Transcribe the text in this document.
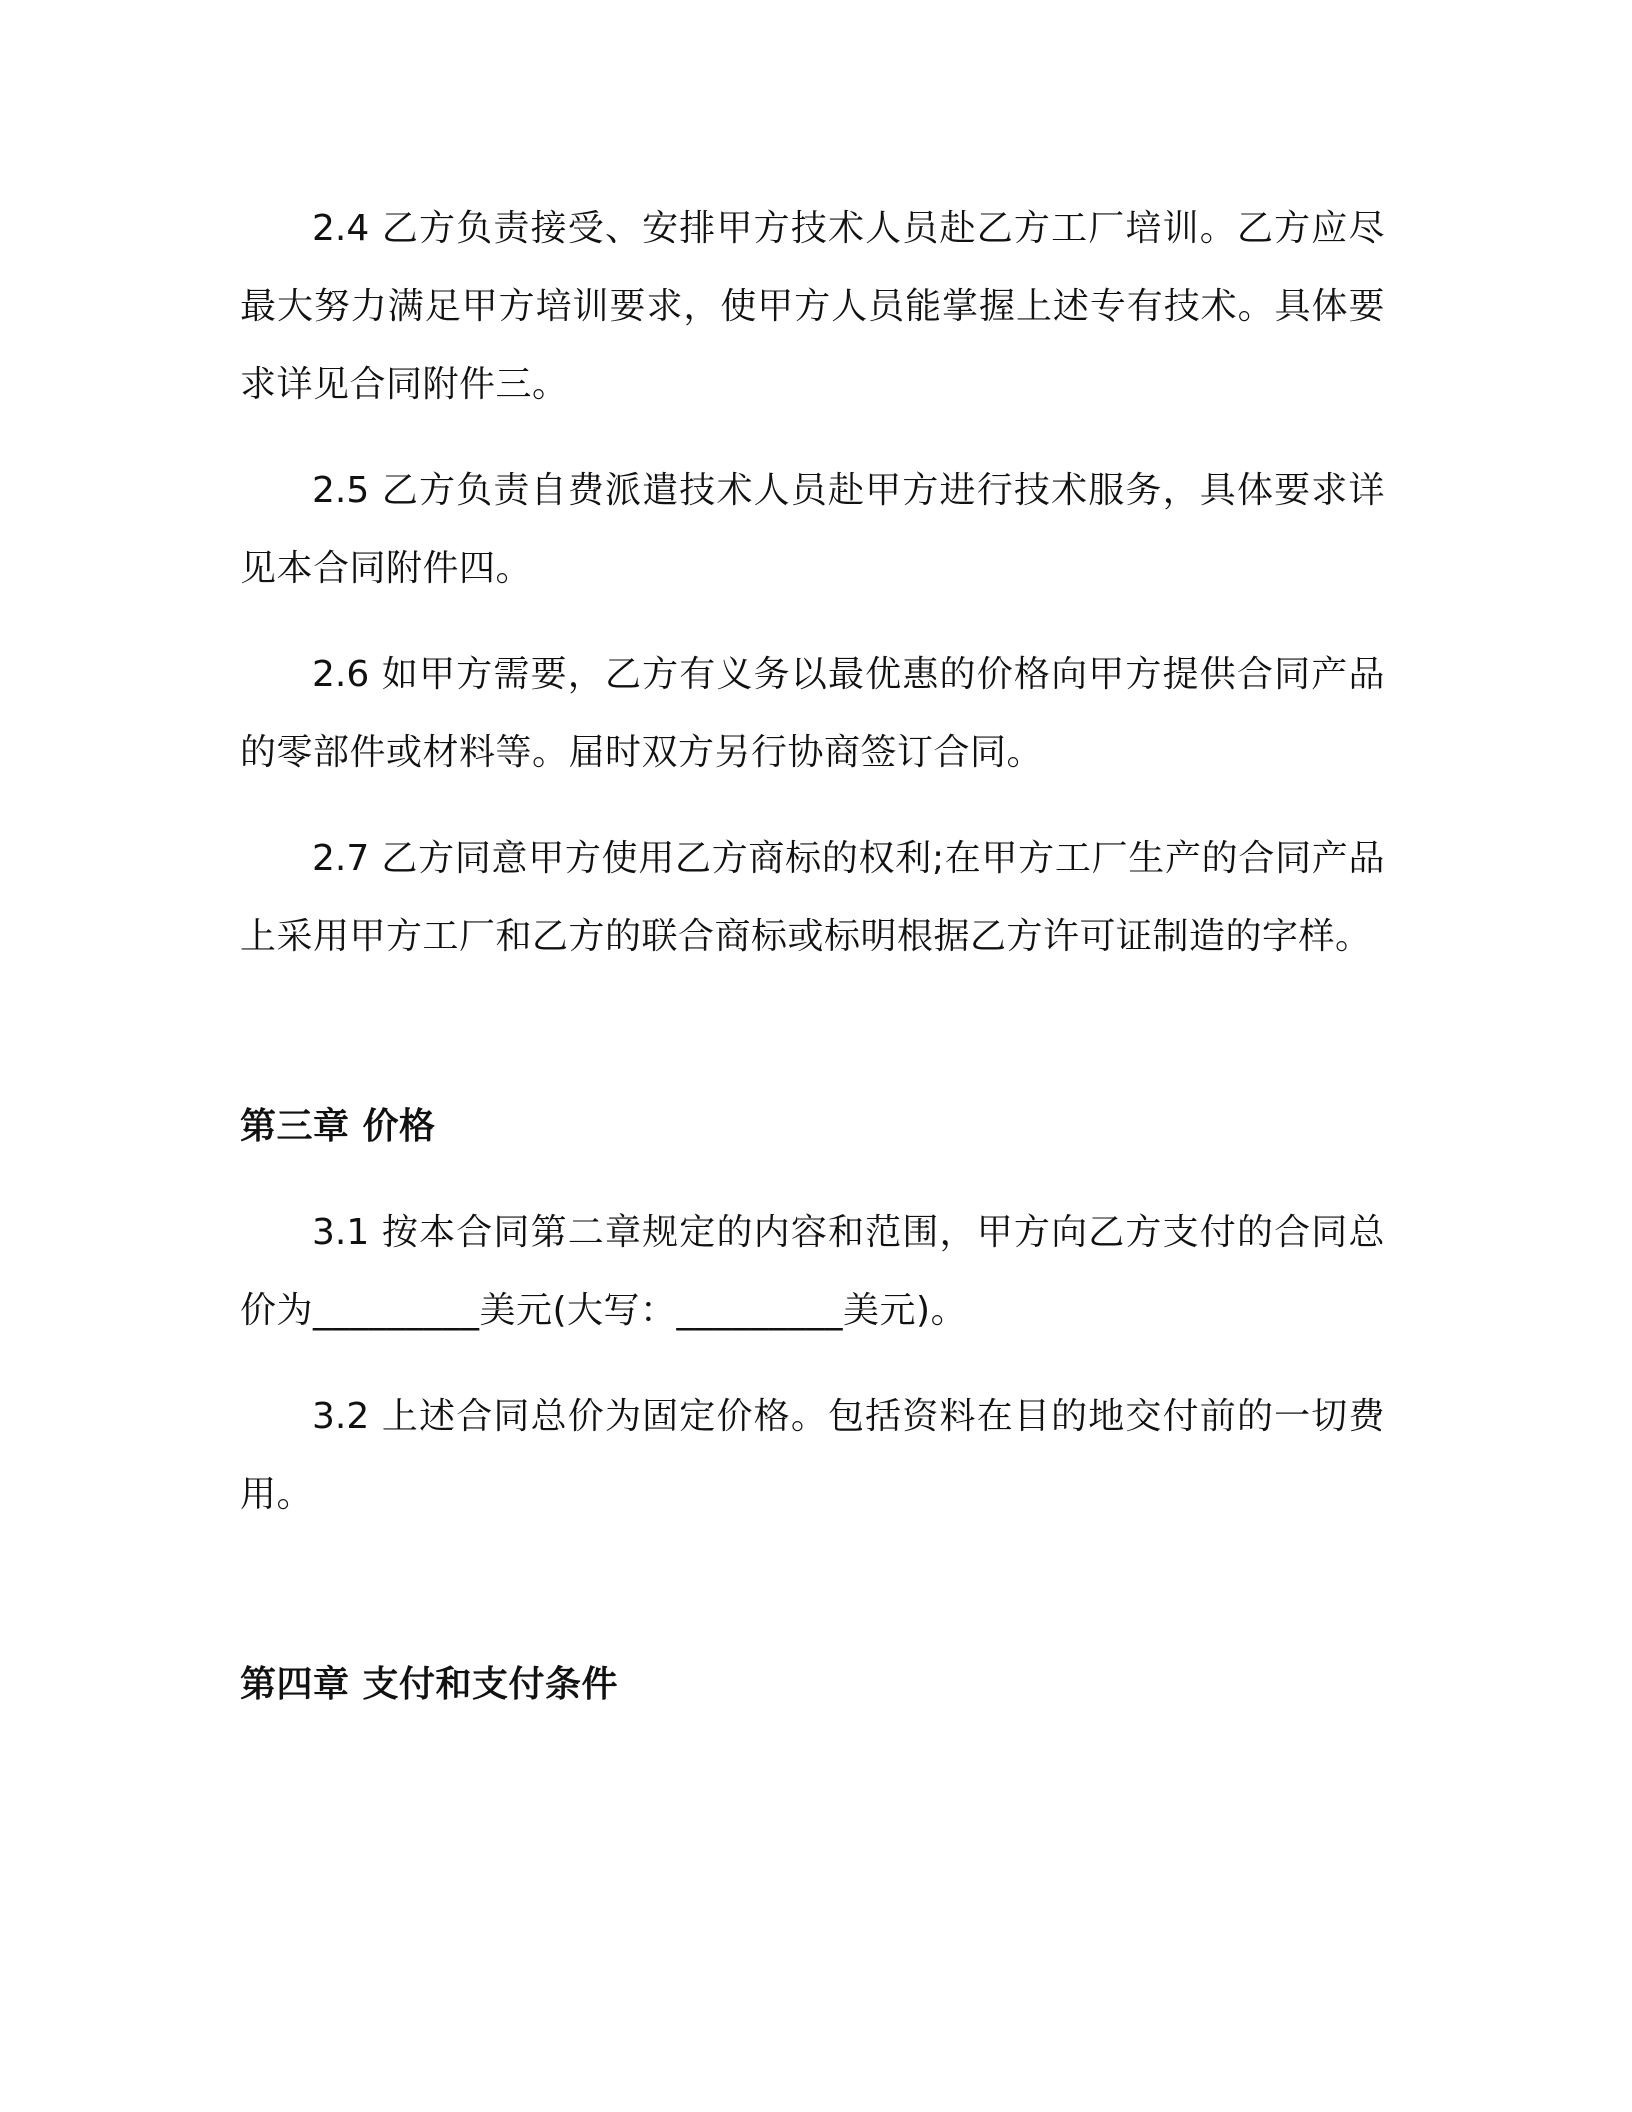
2.4 乙方负责接受、安排甲方技术人员赴乙方工厂培训。乙方应尽最大努力满足甲方培训要求，使甲方人员能掌握上述专有技术。具体要求详见合同附件三。

2.5 乙方负责自费派遣技术人员赴甲方进行技术服务，具体要求详见本合同附件四。

2.6 如甲方需要，乙方有义务以最优惠的价格向甲方提供合同产品的零部件或材料等。届时双方另行协商签订合同。

2.7 乙方同意甲方使用乙方商标的权利;在甲方工厂生产的合同产品上采用甲方工厂和乙方的联合商标或标明根据乙方许可证制造的字样。

第三章 价格

3.1 按本合同第二章规定的内容和范围，甲方向乙方支付的合同总价为_________美元(大写：_________美元)。

3.2 上述合同总价为固定价格。包括资料在目的地交付前的一切费用。

第四章 支付和支付条件
